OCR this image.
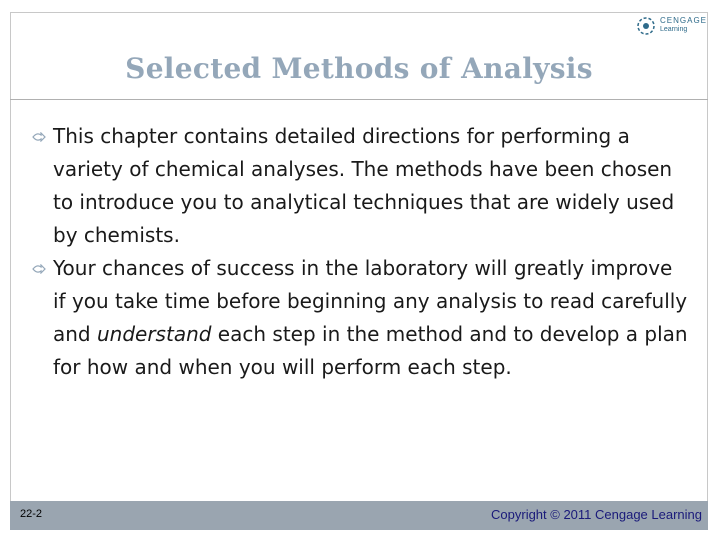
CENGAGE
Learning
Selected Methods of Analysis
This chapter contains detailed directions for performing a variety of chemical analyses. The methods have been chosen to introduce you to analytical techniques that are widely used by chemists.
Your chances of success in the laboratory will greatly improve if you take time before beginning any analysis to read carefully and understand each step in the method and to develop a plan for how and when you will perform each step.
22-2	Copyright © 2011 Cengage Learning
